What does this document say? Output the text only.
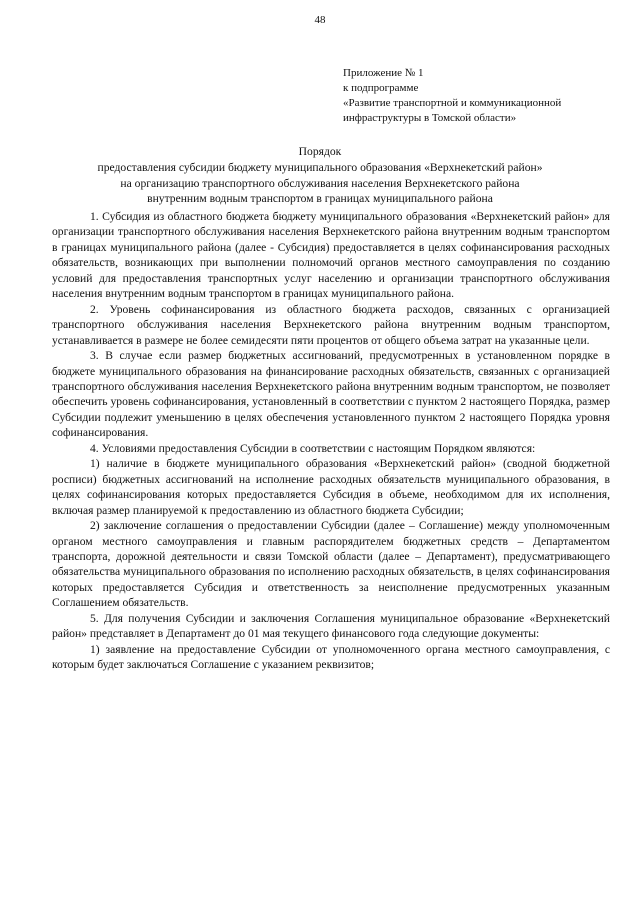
48
Приложение № 1
к подпрограмме
«Развитие транспортной и коммуникационной
инфраструктуры в Томской области»
Порядок
предоставления субсидии бюджету муниципального образования «Верхнекетский район»
на организацию транспортного обслуживания населения Верхнекетского района
внутренним водным транспортом в границах муниципального района

1. Субсидия из областного бюджета бюджету муниципального образования «Верхнекетский район» для организации транспортного обслуживания населения Верхнекетского района внутренним водным транспортом в границах муниципального района (далее - Субсидия) предоставляется в целях софинансирования расходных обязательств, возникающих при выполнении полномочий органов местного самоуправления по созданию условий для предоставления транспортных услуг населению и организации транспортного обслуживания населения внутренним водным транспортом в границах муниципального района.

2. Уровень софинансирования из областного бюджета расходов, связанных с организацией транспортного обслуживания населения Верхнекетского района внутренним водным транспортом, устанавливается в размере не более семидесяти пяти процентов от общего объема затрат на указанные цели.

3. В случае если размер бюджетных ассигнований, предусмотренных в установленном порядке в бюджете муниципального образования на финансирование расходных обязательств, связанных с организацией транспортного обслуживания населения Верхнекетского района внутренним водным транспортом, не позволяет обеспечить уровень софинансирования, установленный в соответствии с пунктом 2 настоящего Порядка, размер Субсидии подлежит уменьшению в целях обеспечения установленного пунктом 2 настоящего Порядка уровня софинансирования.

4. Условиями предоставления Субсидии в соответствии с настоящим Порядком являются:

1) наличие в бюджете муниципального образования «Верхнекетский район» (сводной бюджетной росписи) бюджетных ассигнований на исполнение расходных обязательств муниципального образования, в целях софинансирования которых предоставляется Субсидия в объеме, необходимом для их исполнения, включая размер планируемой к предоставлению из областного бюджета Субсидии;

2) заключение соглашения о предоставлении Субсидии (далее – Соглашение) между уполномоченным органом местного самоуправления и главным распорядителем бюджетных средств – Департаментом транспорта, дорожной деятельности и связи Томской области (далее – Департамент), предусматривающего обязательства муниципального образования по исполнению расходных обязательств, в целях софинансирования которых предоставляется Субсидия и ответственность за неисполнение предусмотренных указанным Соглашением обязательств.

5. Для получения Субсидии и заключения Соглашения муниципальное образование «Верхнекетский район» представляет в Департамент до 01 мая текущего финансового года следующие документы:

1) заявление на предоставление Субсидии от уполномоченного органа местного самоуправления, с которым будет заключаться Соглашение с указанием реквизитов;
